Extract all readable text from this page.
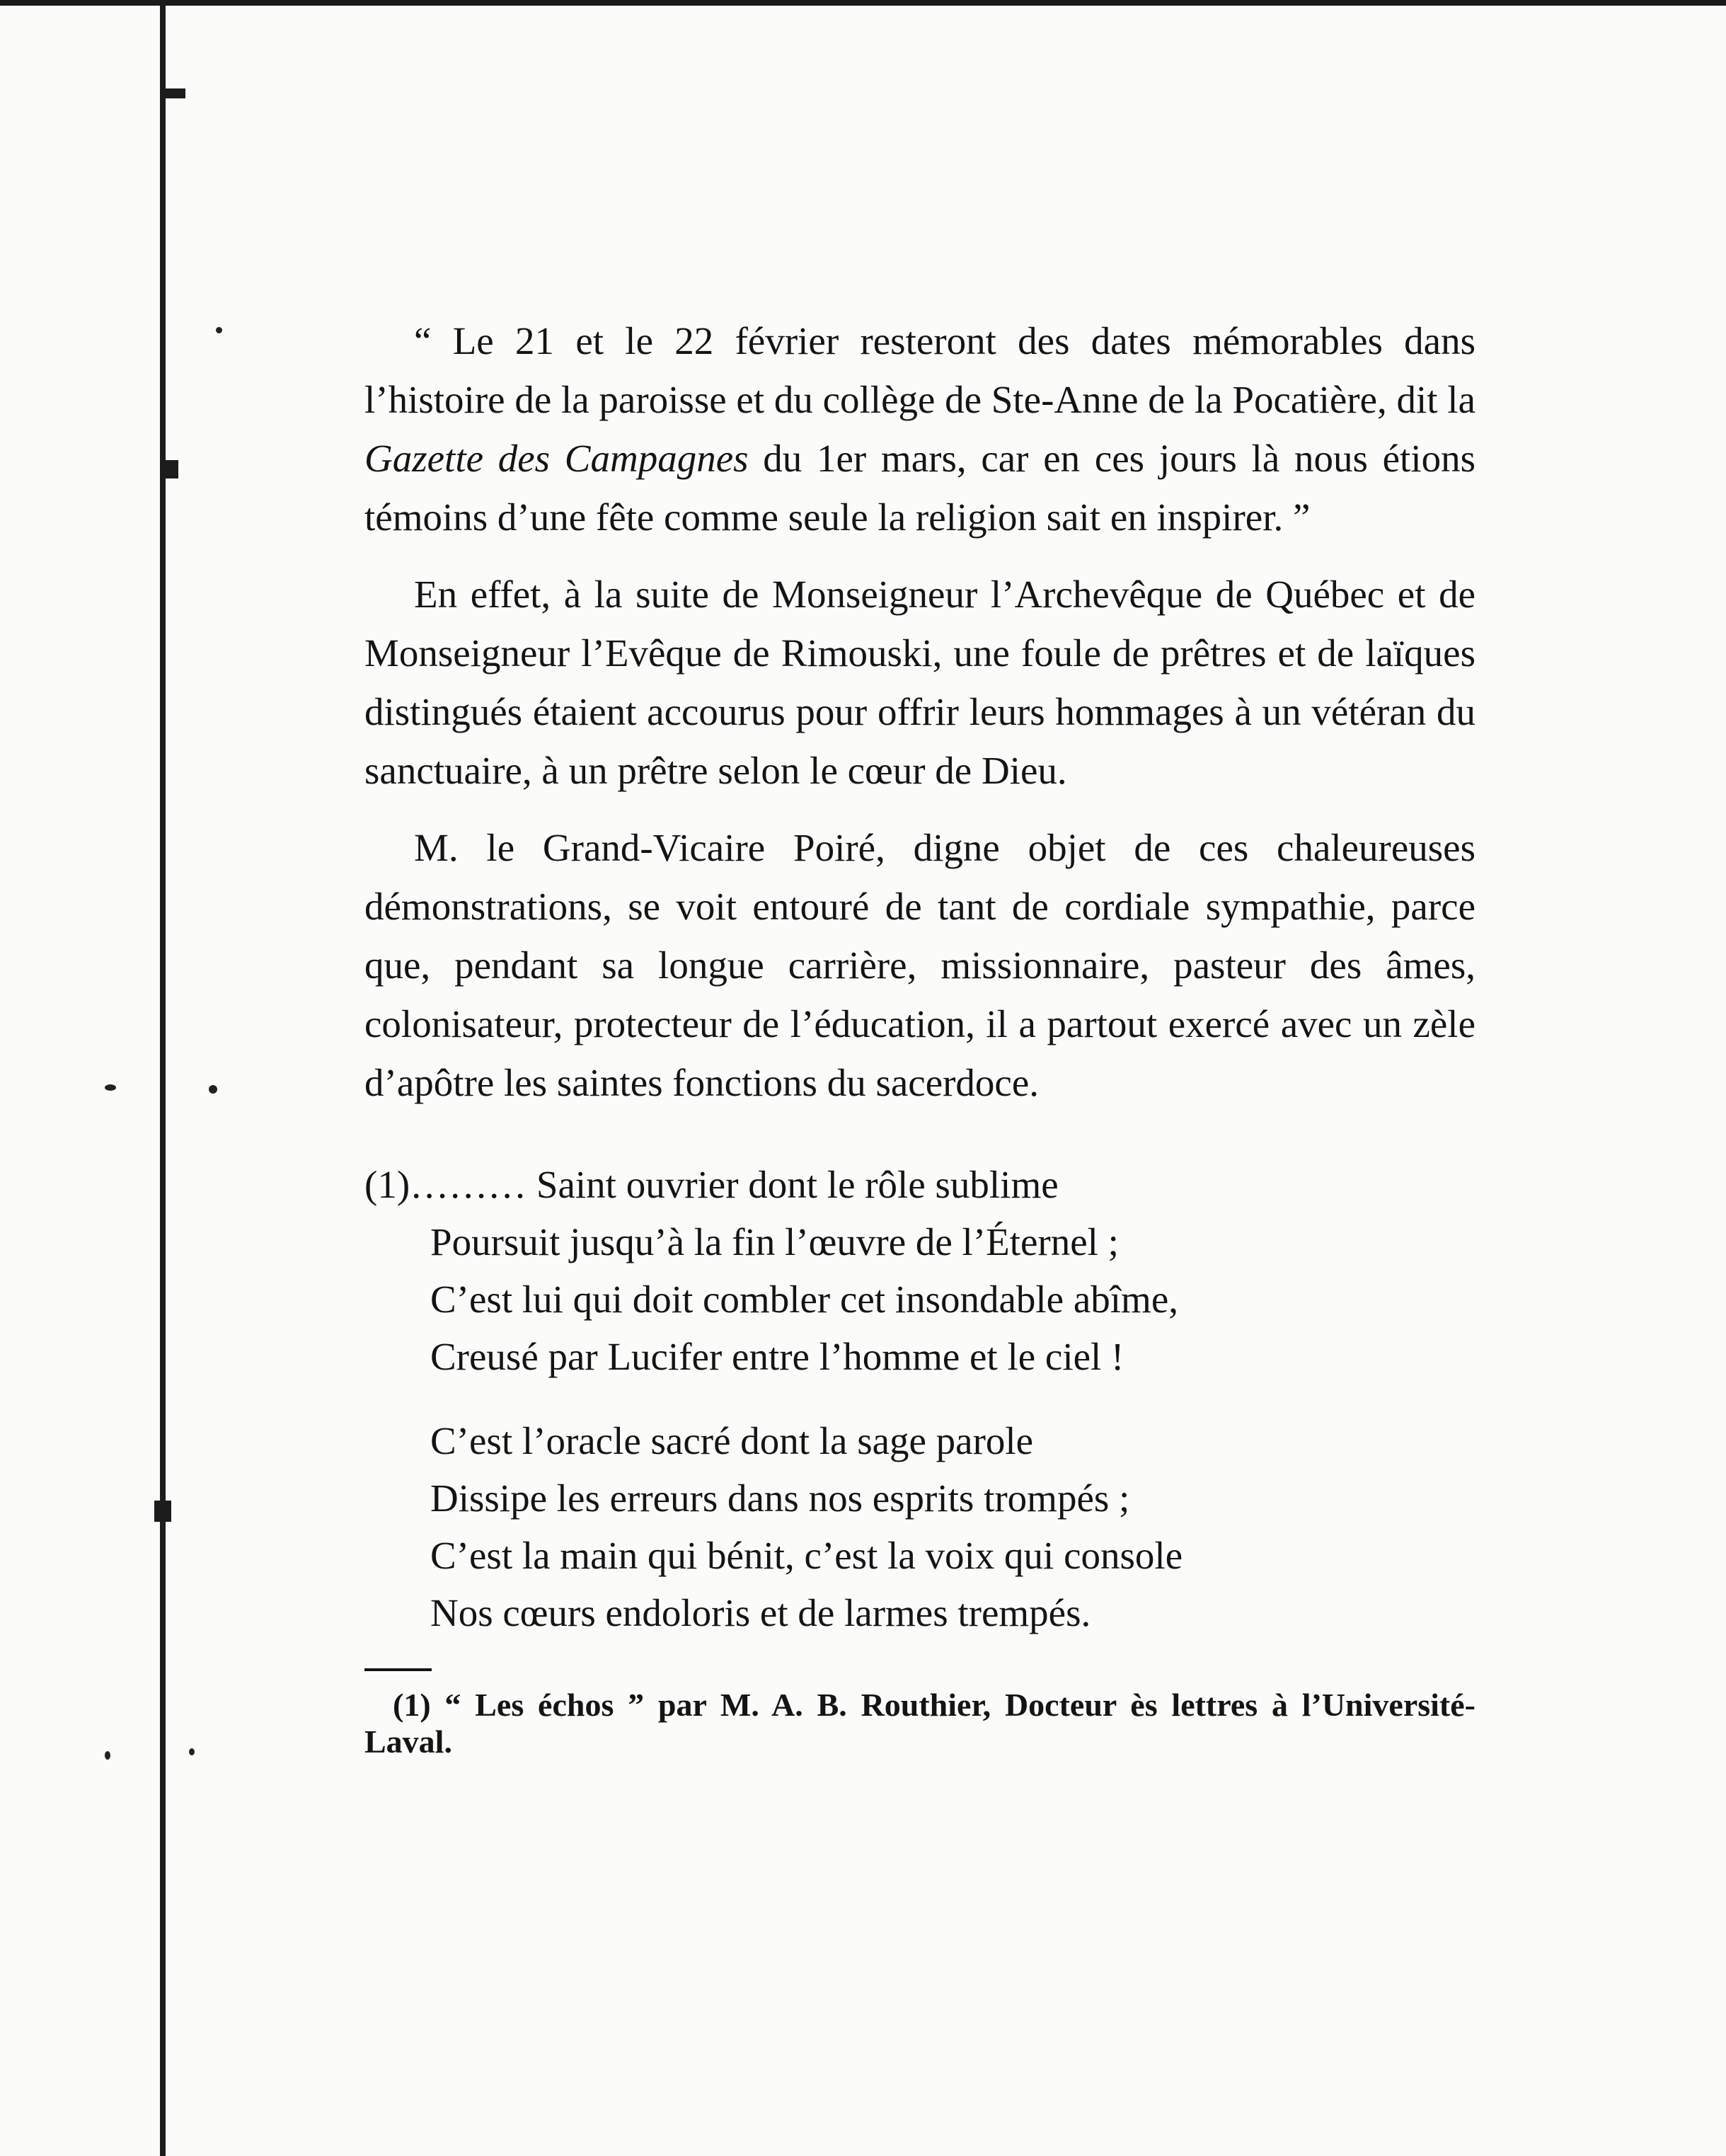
“ Le 21 et le 22 février resteront des dates mémorables dans l’histoire de la paroisse et du collège de Ste-Anne de la Pocatière, dit la Gazette des Campagnes du 1er mars, car en ces jours là nous étions témoins d’une fête comme seule la religion sait en inspirer. ”

En effet, à la suite de Monseigneur l’Archevêque de Québec et de Monseigneur l’Evêque de Rimouski, une foule de prêtres et de laïques distingués étaient accourus pour offrir leurs hommages à un vétéran du sanctuaire, à un prêtre selon le cœur de Dieu.

M. le Grand-Vicaire Poiré, digne objet de ces chaleureuses démonstrations, se voit entouré de tant de cordiale sympathie, parce que, pendant sa longue carrière, missionnaire, pasteur des âmes, colonisateur, protecteur de l’éducation, il a partout exercé avec un zèle d’apôtre les saintes fonctions du sacerdoce.

(1)……… Saint ouvrier dont le rôle sublime
Poursuit jusqu’à la fin l’œuvre de l’Éternel ;
C’est lui qui doit combler cet insondable abîme,
Creusé par Lucifer entre l’homme et le ciel !
C’est l’oracle sacré dont la sage parole
Dissipe les erreurs dans nos esprits trompés ;
C’est la main qui bénit, c’est la voix qui console
Nos cœurs endoloris et de larmes trempés.
(1) “ Les échos ” par M. A. B. Routhier, Docteur ès lettres à l’Université-Laval.
